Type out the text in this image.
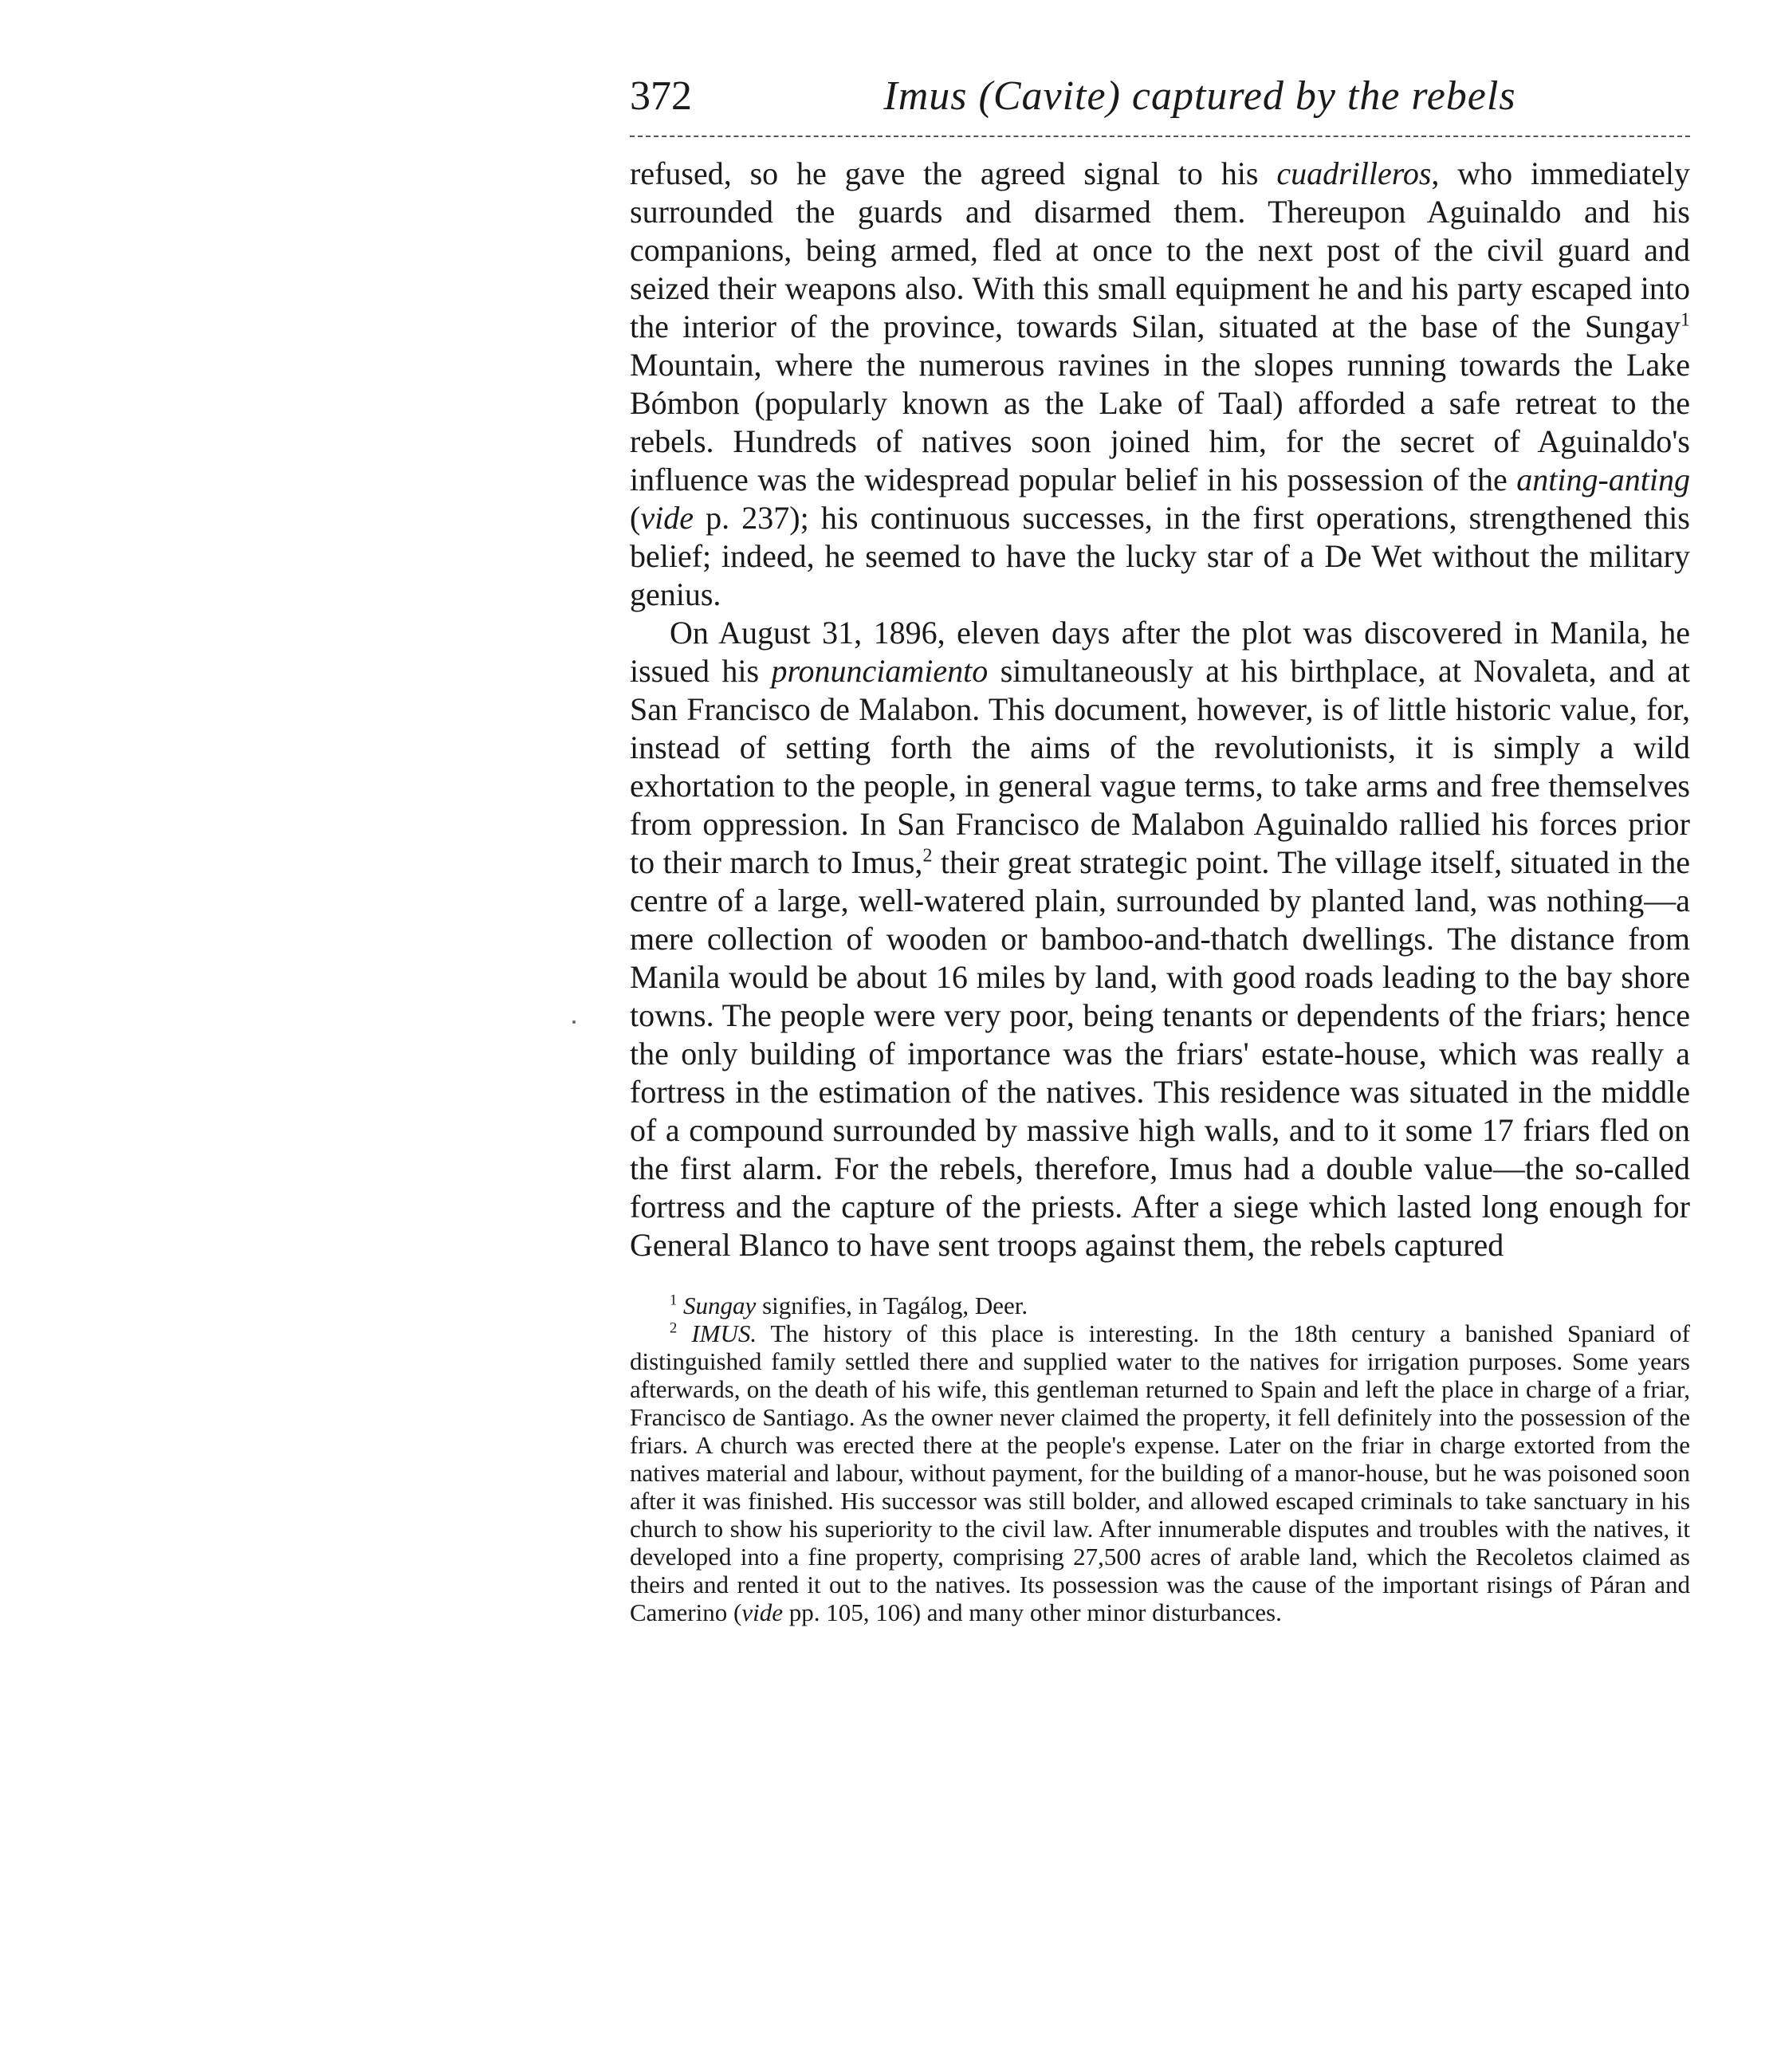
372	Imus (Cavite) captured by the rebels

refused, so he gave the agreed signal to his cuadrilleros, who immediately surrounded the guards and disarmed them. Thereupon Aguinaldo and his companions, being armed, fled at once to the next post of the civil guard and seized their weapons also. With this small equipment he and his party escaped into the interior of the province, towards Silan, situated at the base of the Sungay$^1$ Mountain, where the numerous ravines in the slopes running towards the Lake Bómbon (popularly known as the Lake of Taal) afforded a safe retreat to the rebels. Hundreds of natives soon joined him, for the secret of Aguinaldo's influence was the widespread popular belief in his possession of the anting-anting (vide p. 237); his continuous successes, in the first operations, strengthened this belief; indeed, he seemed to have the lucky star of a De Wet without the military genius.

On August 31, 1896, eleven days after the plot was discovered in Manila, he issued his pronunciamiento simultaneously at his birthplace, at Novaleta, and at San Francisco de Malabon. This document, however, is of little historic value, for, instead of setting forth the aims of the revolutionists, it is simply a wild exhortation to the people, in general vague terms, to take arms and free themselves from oppression. In San Francisco de Malabon Aguinaldo rallied his forces prior to their march to Imus,$^2$ their great strategic point. The village itself, situated in the centre of a large, well-watered plain, surrounded by planted land, was nothing—a mere collection of wooden or bamboo-and-thatch dwellings. The distance from Manila would be about 16 miles by land, with good roads leading to the bay shore towns. The people were very poor, being tenants or dependents of the friars; hence the only building of importance was the friars' estate-house, which was really a fortress in the estimation of the natives. This residence was situated in the middle of a compound surrounded by massive high walls, and to it some 17 friars fled on the first alarm. For the rebels, therefore, Imus had a double value—the so-called fortress and the capture of the priests. After a siege which lasted long enough for General Blanco to have sent troops against them, the rebels captured

$^1$ Sungay signifies, in Tagálog, Deer.

$^2$ IMUS. The history of this place is interesting. In the 18th century a banished Spaniard of distinguished family settled there and supplied water to the natives for irrigation purposes. Some years afterwards, on the death of his wife, this gentleman returned to Spain and left the place in charge of a friar, Francisco de Santiago. As the owner never claimed the property, it fell definitely into the possession of the friars. A church was erected there at the people's expense. Later on the friar in charge extorted from the natives material and labour, without payment, for the building of a manor-house, but he was poisoned soon after it was finished. His successor was still bolder, and allowed escaped criminals to take sanctuary in his church to show his superiority to the civil law. After innumerable disputes and troubles with the natives, it developed into a fine property, comprising 27,500 acres of arable land, which the Recoletos claimed as theirs and rented it out to the natives. Its possession was the cause of the important risings of Páran and Camerino (vide pp. 105, 106) and many other minor disturbances.
